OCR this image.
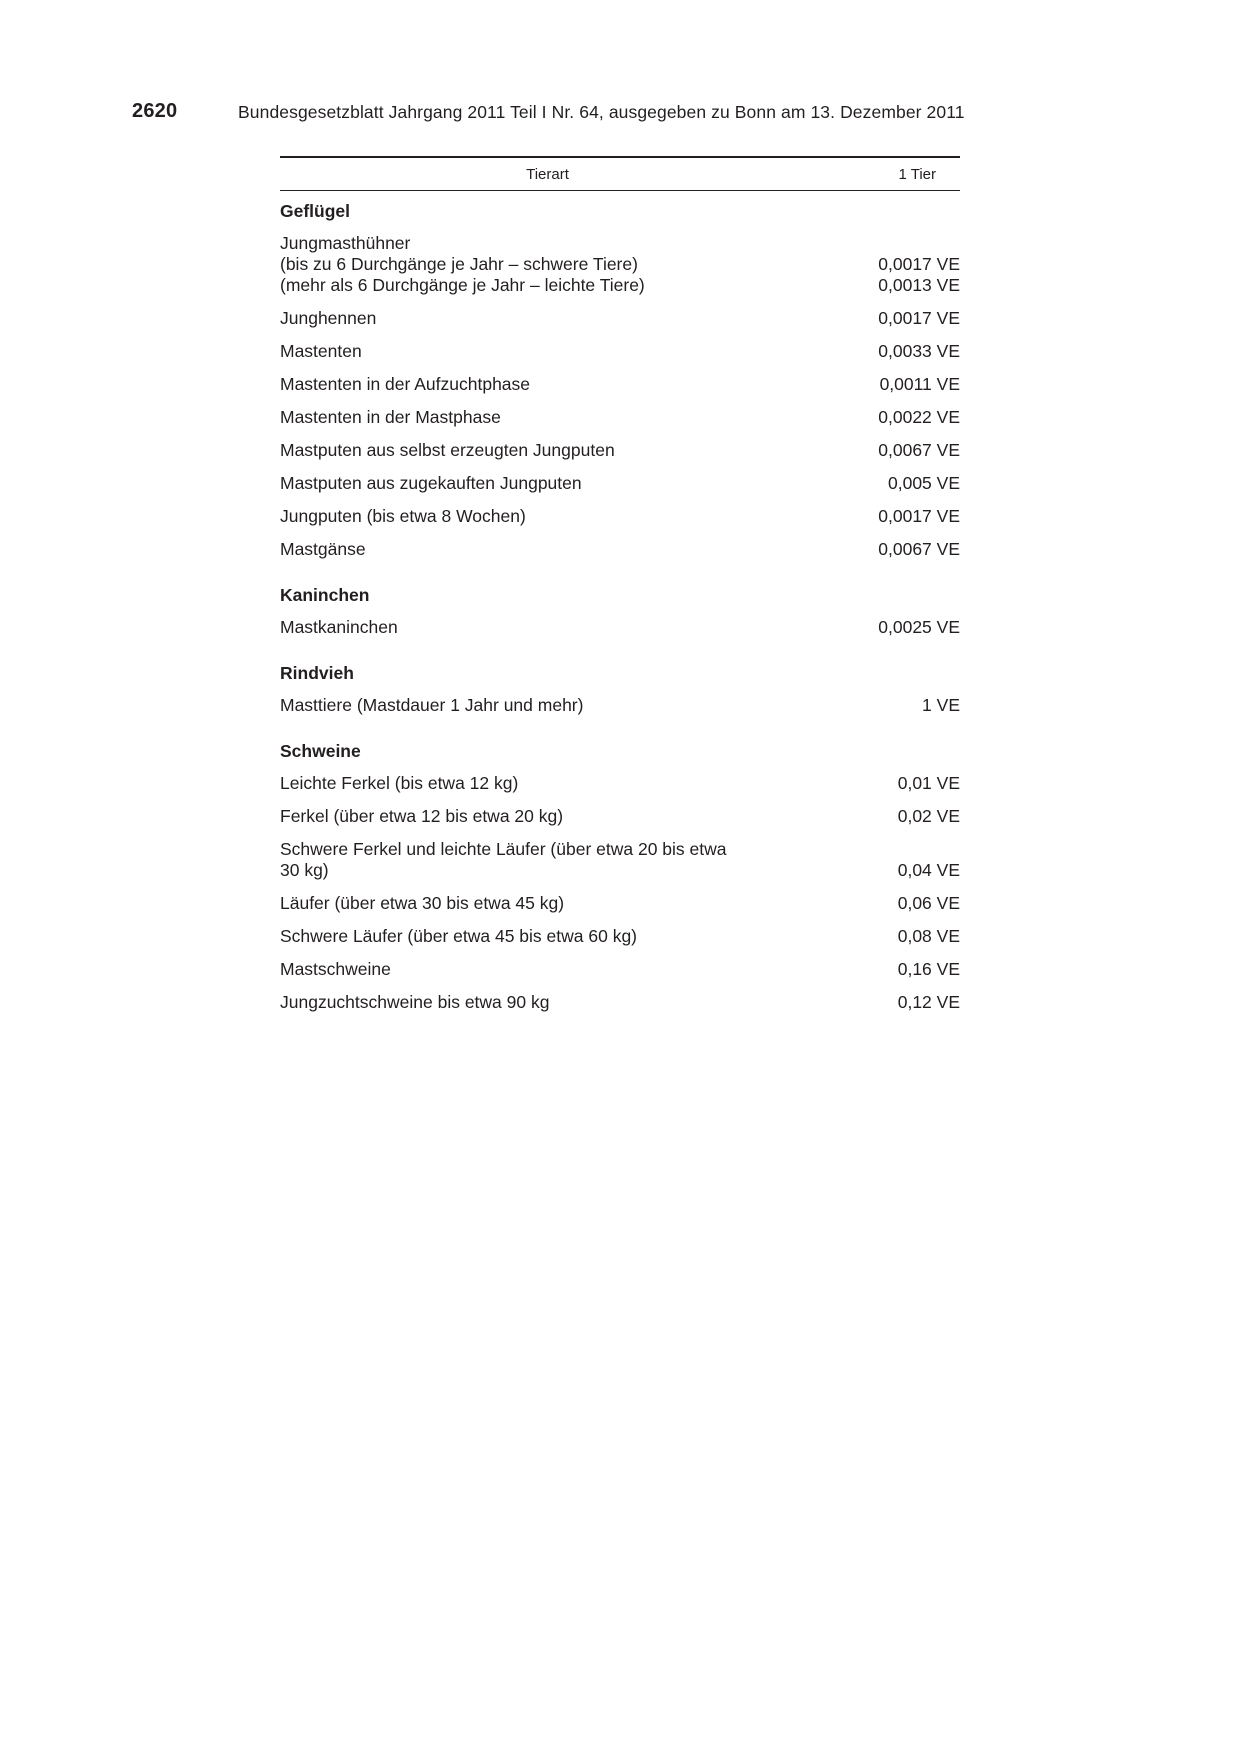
2620	Bundesgesetzblatt Jahrgang 2011 Teil I Nr. 64, ausgegeben zu Bonn am 13. Dezember 2011
Tierart	1 Tier
Geflügel
Jungmasthühner
(bis zu 6 Durchgänge je Jahr – schwere Tiere)	0,0017 VE
(mehr als 6 Durchgänge je Jahr – leichte Tiere)	0,0013 VE
Junghennen	0,0017 VE
Mastenten	0,0033 VE
Mastenten in der Aufzuchtphase	0,0011 VE
Mastenten in der Mastphase	0,0022 VE
Mastputen aus selbst erzeugten Jungputen	0,0067 VE
Mastputen aus zugekauften Jungputen	0,005 VE
Jungputen (bis etwa 8 Wochen)	0,0017 VE
Mastgänse	0,0067 VE
Kaninchen
Mastkaninchen	0,0025 VE
Rindvieh
Masttiere (Mastdauer 1 Jahr und mehr)	1 VE
Schweine
Leichte Ferkel (bis etwa 12 kg)	0,01 VE
Ferkel (über etwa 12 bis etwa 20 kg)	0,02 VE
Schwere Ferkel und leichte Läufer (über etwa 20 bis etwa 30 kg)	0,04 VE
Läufer (über etwa 30 bis etwa 45 kg)	0,06 VE
Schwere Läufer (über etwa 45 bis etwa 60 kg)	0,08 VE
Mastschweine	0,16 VE
Jungzuchtschweine bis etwa 90 kg	0,12 VE
